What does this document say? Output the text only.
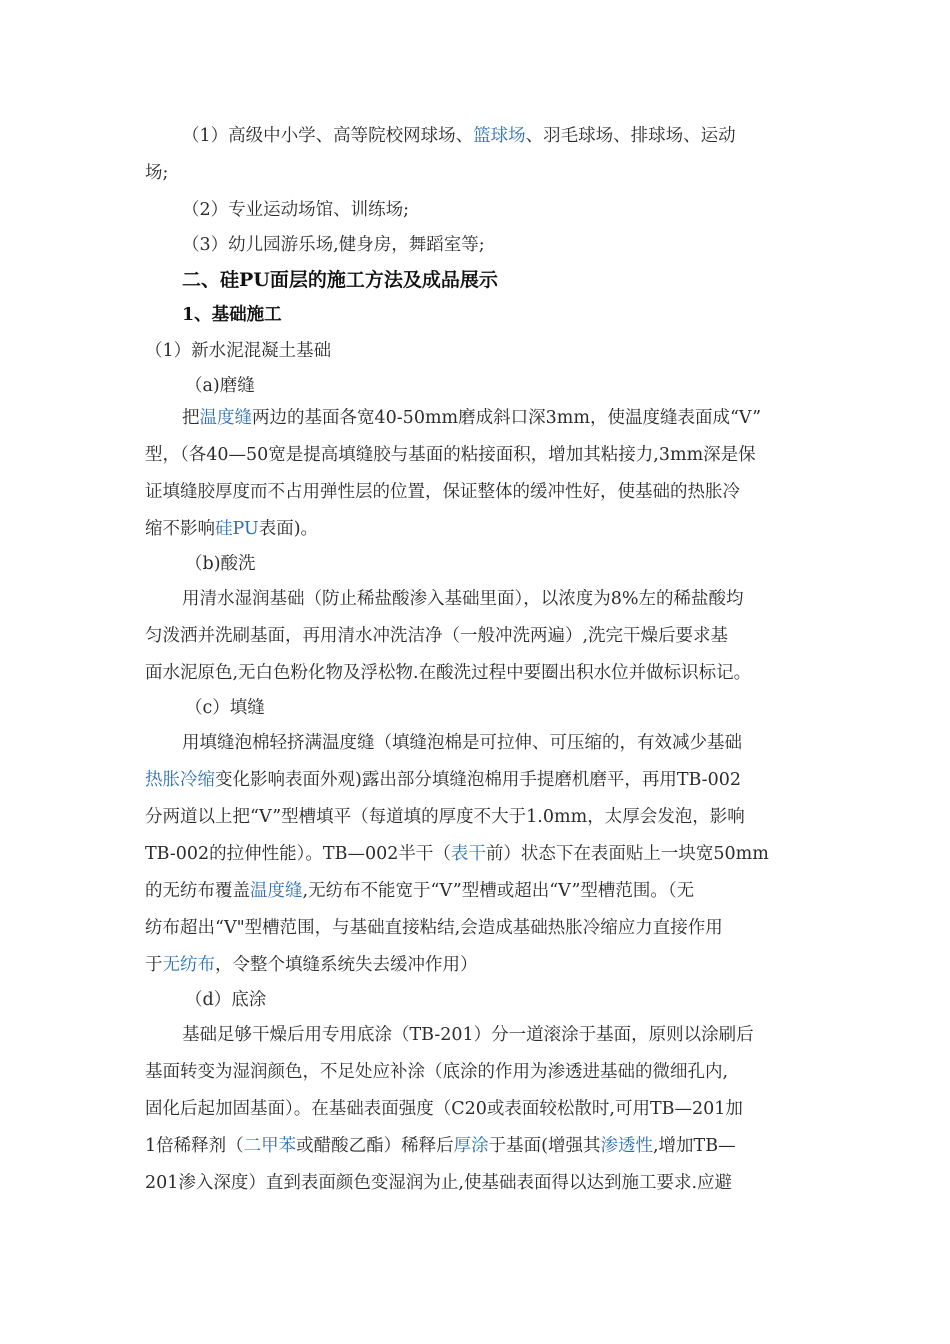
（1）高级中小学、高等院校网球场、篮球场、羽毛球场、排球场、运动
场;
（2）专业运动场馆、训练场;
（3）幼儿园游乐场,健身房，舞蹈室等;
二、硅PU面层的施工方法及成品展示
1、基础施工
（1）新水泥混凝土基础
（a)磨缝
把温度缝两边的基面各宽40-50mm磨成斜口深3mm，使温度缝表面成“V”
型，（各40—50宽是提高填缝胶与基面的粘接面积，增加其粘接力,3mm深是保
证填缝胶厚度而不占用弹性层的位置，保证整体的缓冲性好，使基础的热胀冷
缩不影响硅PU表面)。
（b)酸洗
用清水湿润基础（防止稀盐酸渗入基础里面），以浓度为8%左的稀盐酸均
匀泼洒并洗刷基面，再用清水冲洗洁净（一般冲洗两遍）,洗完干燥后要求基
面水泥原色,无白色粉化物及浮松物.在酸洗过程中要圈出积水位并做标识标记。
（c）填缝
用填缝泡棉轻挤满温度缝（填缝泡棉是可拉伸、可压缩的，有效减少基础
热胀冷缩变化影响表面外观)露出部分填缝泡棉用手提磨机磨平，再用TB-002
分两道以上把“V”型槽填平（每道填的厚度不大于1.0mm，太厚会发泡，影响
TB-002的拉伸性能）。TB—002半干（表干前）状态下在表面贴上一块宽50mm
的无纺布覆盖温度缝,无纺布不能宽于“V”型槽或超出“V”型槽范围。（无
纺布超出“V"型槽范围，与基础直接粘结,会造成基础热胀冷缩应力直接作用
于无纺布，令整个填缝系统失去缓冲作用）
（d）底涂
基础足够干燥后用专用底涂（TB-201）分一道滚涂于基面，原则以涂刷后
基面转变为湿润颜色，不足处应补涂（底涂的作用为渗透进基础的微细孔内,
固化后起加固基面）。在基础表面强度（C20或表面较松散时,可用TB—201加
1倍稀释剂（二甲苯或醋酸乙酯）稀释后厚涂于基面(增强其渗透性,增加TB—
201渗入深度）直到表面颜色变湿润为止,使基础表面得以达到施工要求.应避
